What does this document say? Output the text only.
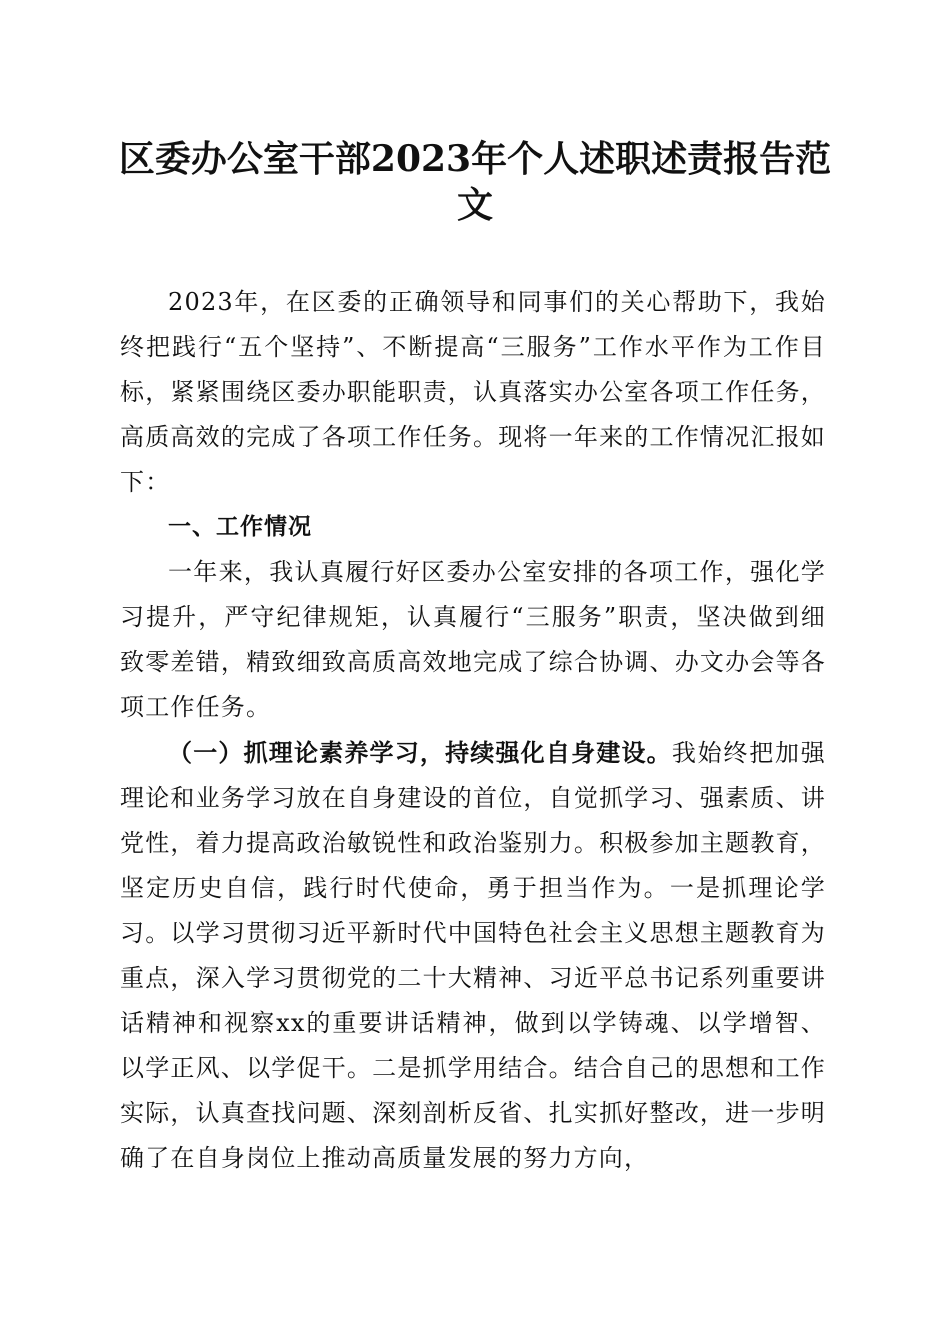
区委办公室干部2023年个人述职述责报告范
文

2023年，在区委的正确领导和同事们的关心帮助下，我始终把践行“五个坚持”、不断提高“三服务”工作水平作为工作目标，紧紧围绕区委办职能职责，认真落实办公室各项工作任务，高质高效的完成了各项工作任务。现将一年来的工作情况汇报如下：

一、工作情况

一年来，我认真履行好区委办公室安排的各项工作，强化学习提升，严守纪律规矩，认真履行“三服务”职责，坚决做到细致零差错，精致细致高质高效地完成了综合协调、办文办会等各项工作任务。

（一）抓理论素养学习，持续强化自身建设。我始终把加强理论和业务学习放在自身建设的首位，自觉抓学习、强素质、讲党性，着力提高政治敏锐性和政治鉴别力。积极参加主题教育，坚定历史自信，践行时代使命，勇于担当作为。一是抓理论学习。以学习贯彻习近平新时代中国特色社会主义思想主题教育为重点，深入学习贯彻党的二十大精神、习近平总书记系列重要讲话精神和视察xx的重要讲话精神，做到以学铸魂、以学增智、以学正风、以学促干。二是抓学用结合。结合自己的思想和工作实际，认真查找问题、深刻剖析反省、扎实抓好整改，进一步明确了在自身岗位上推动高质量发展的努力方向，
